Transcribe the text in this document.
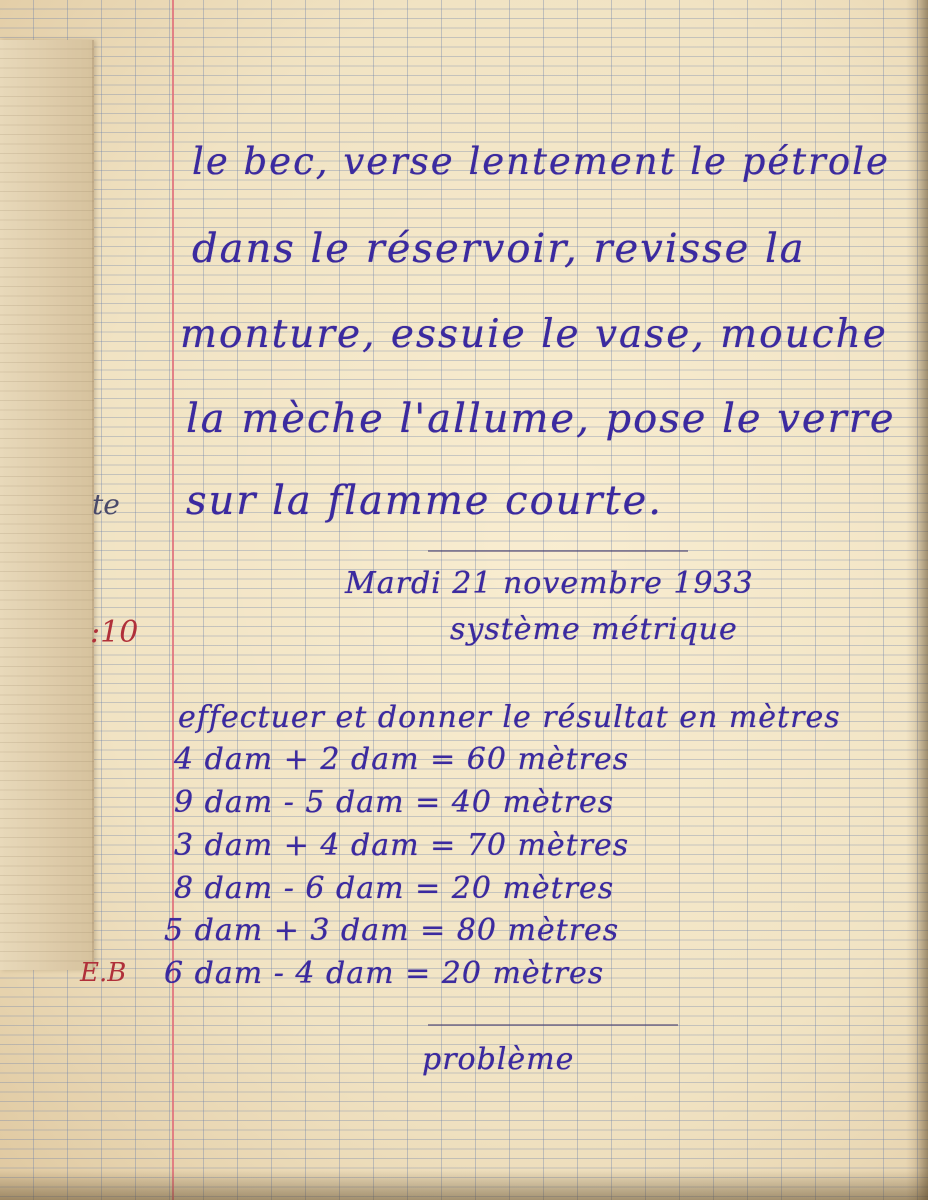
te
:10
E.B
le bec, verse lentement le pétrole
dans le réservoir, revisse la
monture, essuie le vase, mouche
la mèche l'allume, pose le verre
sur la flamme courte.
Mardi 21 novembre 1933
système métrique
effectuer et donner le résultat en mètres
4 dam + 2 dam = 60 mètres
9 dam - 5 dam = 40 mètres
3 dam + 4 dam = 70 mètres
8 dam - 6 dam = 20 mètres
5 dam + 3 dam = 80 mètres
6 dam - 4 dam = 20 mètres
problème
